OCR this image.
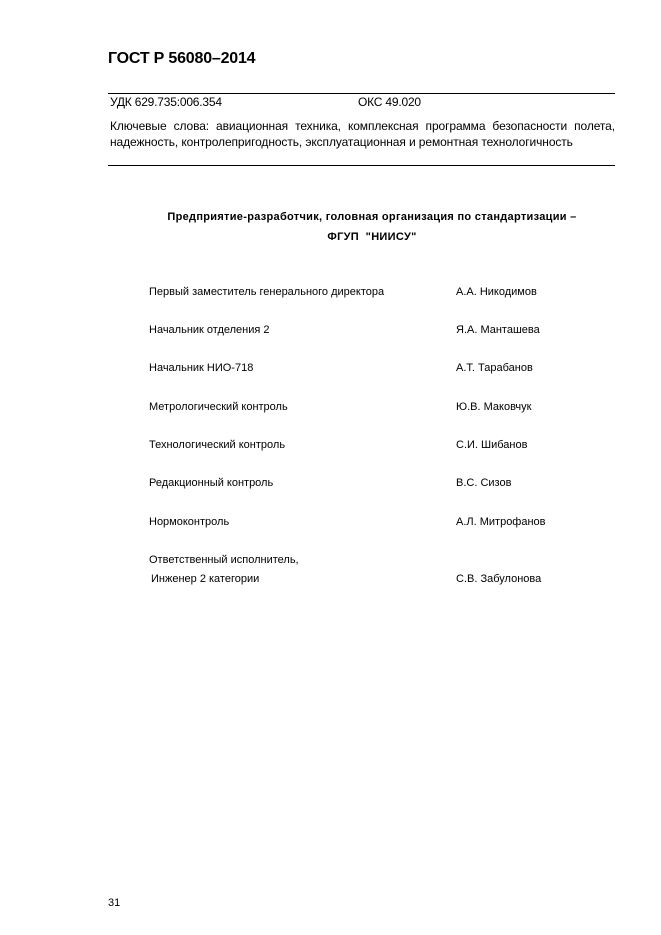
ГОСТ Р 56080–2014
УДК 629.735:006.354	ОКС 49.020
Ключевые слова: авиационная техника, комплексная программа безопасности полета, надежность, контролепригодность, эксплуатационная и ремонтная технологичность
Предприятие-разработчик, головная организация по стандартизации –
ФГУП  "НИИСУ"
Первый заместитель генерального директора	А.А. Никодимов
Начальник отделения 2	Я.А. Манташева
Начальник НИО-718	А.Т. Тарабанов
Метрологический контроль	Ю.В. Маковчук
Технологический контроль	С.И. Шибанов
Редакционный контроль	В.С. Сизов
Нормоконтроль	А.Л. Митрофанов
Ответственный исполнитель,
Инженер 2 категории	С.В. Забулонова
31
